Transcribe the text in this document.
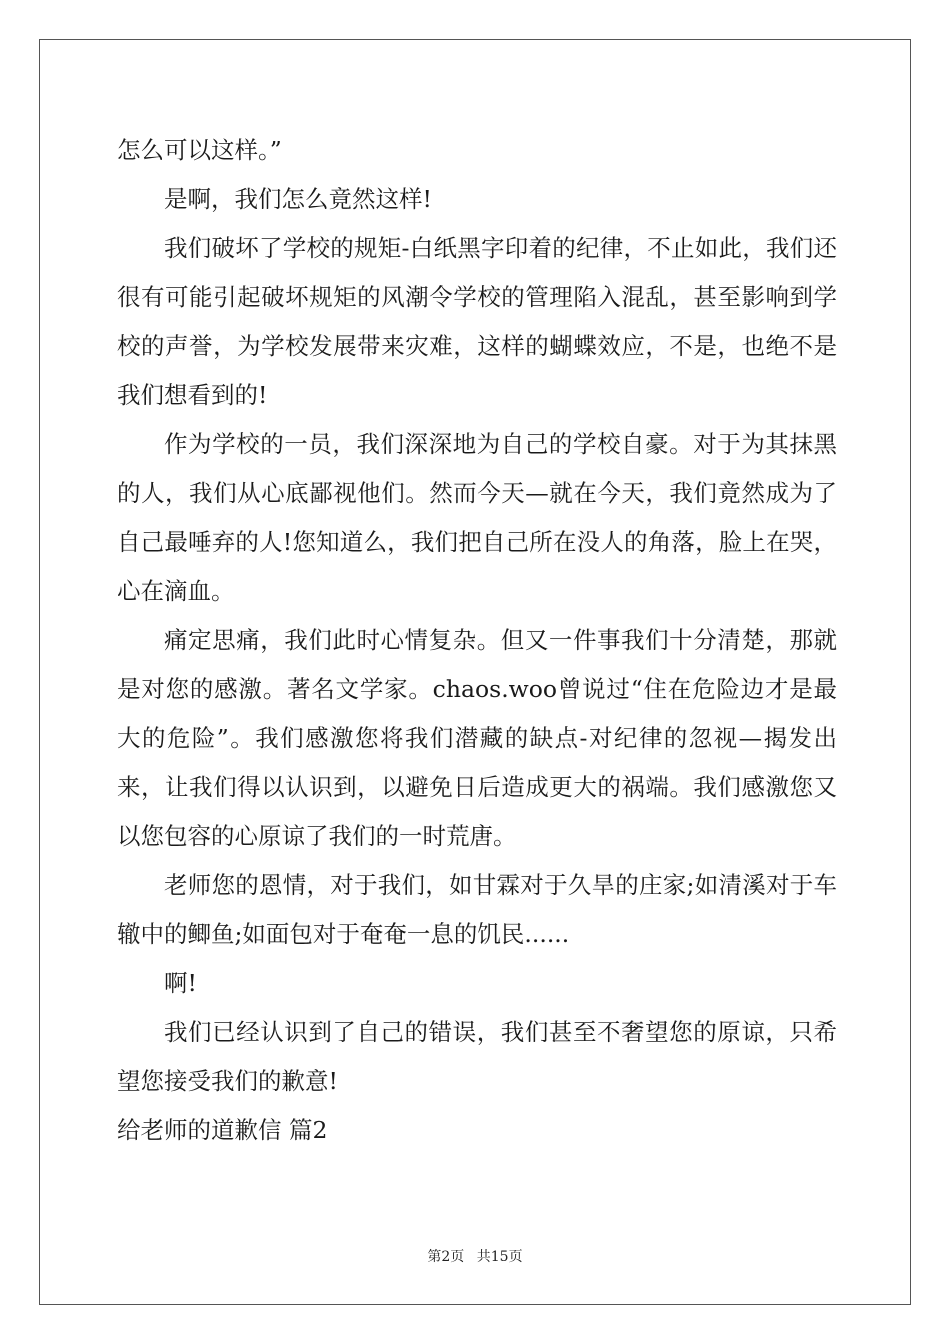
怎么可以这样。”

是啊，我们怎么竟然这样!

我们破坏了学校的规矩-白纸黑字印着的纪律，不止如此，我们还很有可能引起破坏规矩的风潮令学校的管理陷入混乱，甚至影响到学校的声誉，为学校发展带来灾难，这样的蝴蝶效应，不是，也绝不是我们想看到的!

作为学校的一员，我们深深地为自己的学校自豪。对于为其抹黑的人，我们从心底鄙视他们。然而今天—就在今天，我们竟然成为了自己最唾弃的人!您知道么，我们把自己所在没人的角落，脸上在哭，心在滴血。

痛定思痛，我们此时心情复杂。但又一件事我们十分清楚，那就是对您的感激。著名文学家。chaos.woo曾说过“住在危险边才是最大的危险”。我们感激您将我们潜藏的缺点-对纪律的忽视—揭发出来，让我们得以认识到，以避免日后造成更大的祸端。我们感激您又以您包容的心原谅了我们的一时荒唐。

老师您的恩情，对于我们，如甘霖对于久旱的庄家;如清溪对于车辙中的鲫鱼;如面包对于奄奄一息的饥民......

啊!

我们已经认识到了自己的错误，我们甚至不奢望您的原谅，只希望您接受我们的歉意!

给老师的道歉信 篇2

第2页 共15页
